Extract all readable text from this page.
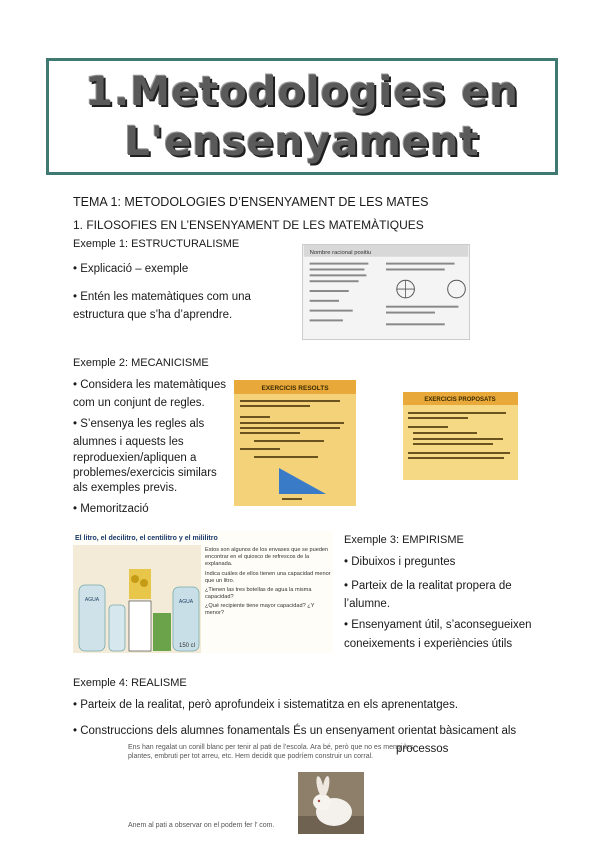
1.Metodologies en
L'ensenyament
TEMA 1: METODOLOGIES D’ENSENYAMENT DE LES MATES
1. FILOSOFIES EN L’ENSENYAMENT DE LES MATEMÀTIQUES
Exemple 1: ESTRUCTURALISME
• Explicació – exemple
• Entén les matemàtiques com una
estructura que s’ha d’aprendre.
Nombre racional positiu
Exemple 2: MECANICISME
• Considera les matemàtiques
com un conjunt de regles.
• S’ensenya les regles als
alumnes i aquests les
reproduexien/apliquen a
problemes/exercicis similars
als exemples previs.
• Memorització
EXERCICIS RESOLTS
EXERCICIS PROPOSATS
El litro, el decilitro, el centilitro y el mililitro
AGUA	AGUA
150 cl
Estos son algunos de los envases que se pueden encontrar en el quiosco de refrescos de la explanada.
Indica cuáles de ellos tienen una capacidad menor que un litro.
¿Tienen las tres botellas de agua la misma capacidad?
¿Qué recipiente tiene mayor capacidad? ¿Y menor?
Exemple 3: EMPIRISME
• Dibuixos i preguntes
• Parteix de la realitat propera de
l’alumne.
• Ensenyament útil, s’aconsegueixen
coneixements i experiències útils
Exemple 4: REALISME
• Parteix de la realitat, però aprofundeix i sistematitza en els aprenentatges.
• Construccions dels alumnes fonamentals És un ensenyament orientat bàsicament als
processos
Ens han regalat un conill blanc per tenir al pati de l’escola. Ara bé, però que no es mengi les
plantes, embruti per tot arreu, etc. Hem decidit que podríem construir un corral.
Anem al pati a observar on el podem fer l’ com.
